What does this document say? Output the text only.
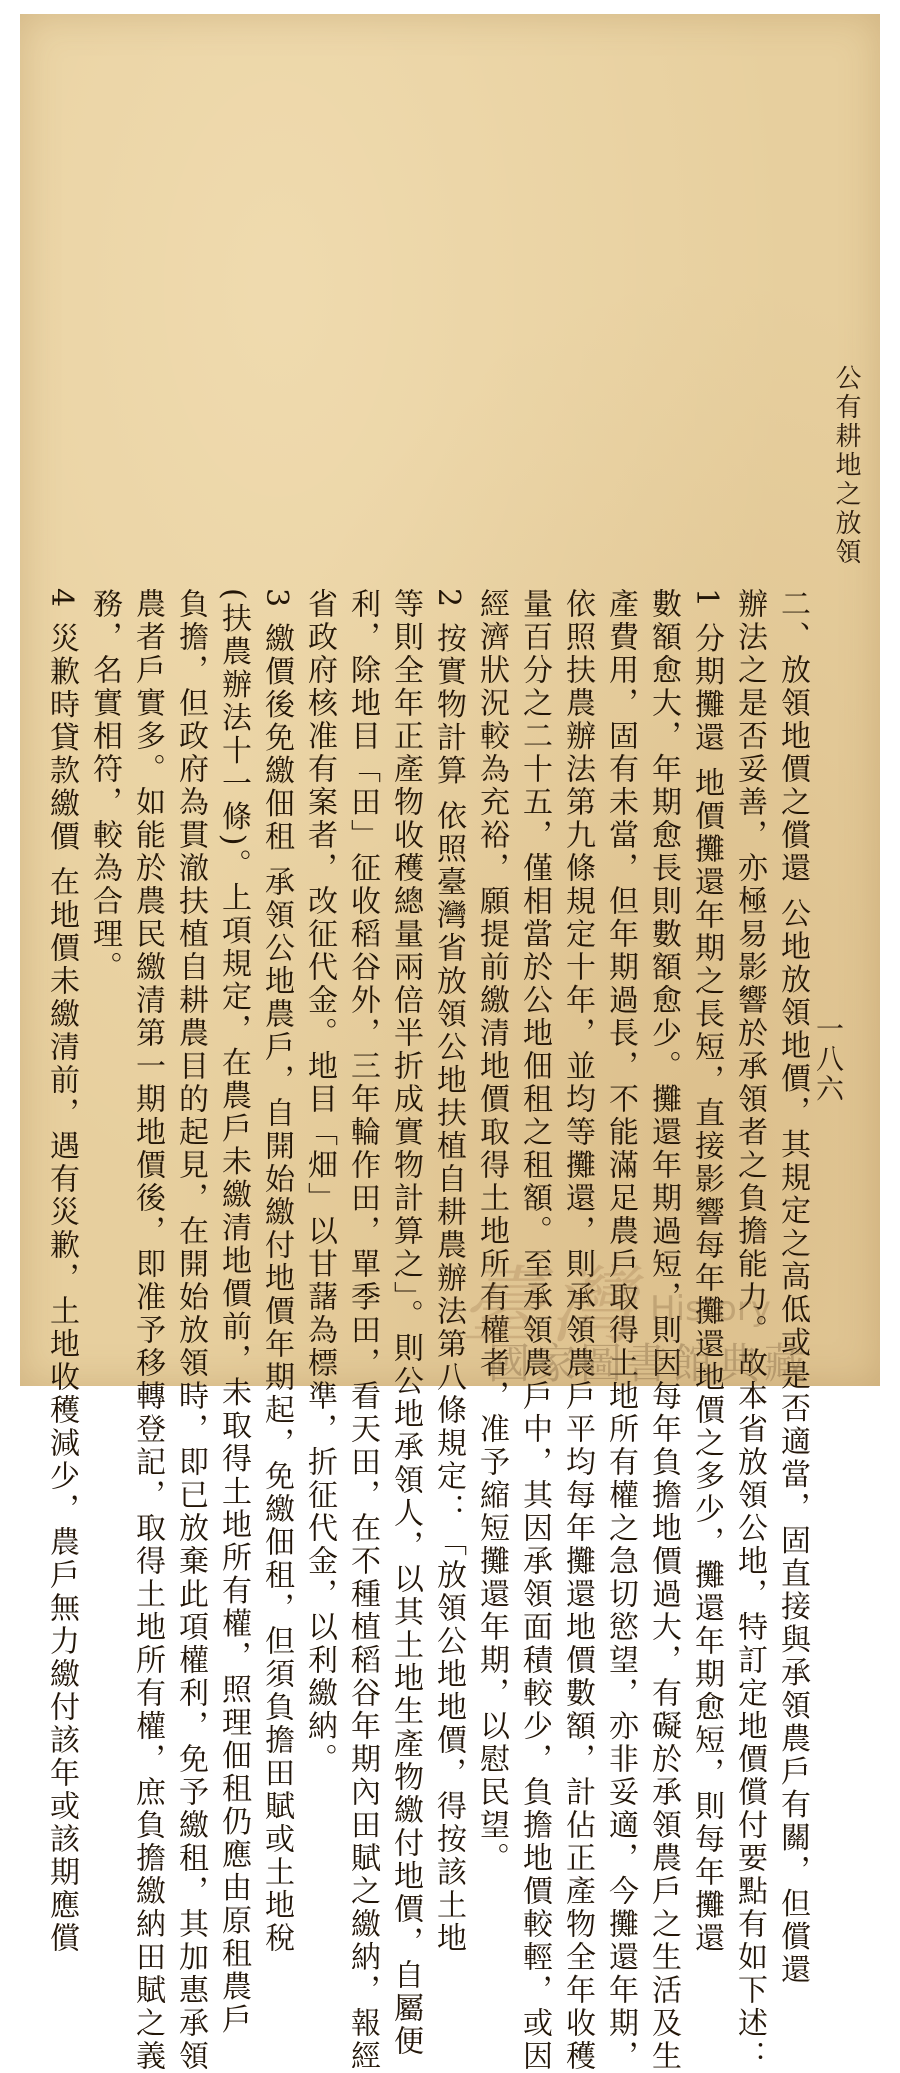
公有耕地之放領
一八六
二、放領地價之償還 公地放領地價，其規定之高低或是否適當，固直接與承領農戶有關，但償還
辦法之是否妥善，亦極易影響於承領者之負擔能力。故本省放領公地，特訂定地價償付要點有如下述：
1 分期攤還 地價攤還年期之長短，直接影響每年攤還地價之多少，攤還年期愈短，則每年攤還
數額愈大，年期愈長則數額愈少。攤還年期過短，則因每年負擔地價過大，有礙於承領農戶之生活及生
產費用，固有未當，但年期過長，不能滿足農戶取得土地所有權之急切慾望，亦非妥適，今攤還年期，
依照扶農辦法第九條規定十年，並均等攤還，則承領農戶平均每年攤還地價數額，計佔正產物全年收穫
量百分之二十五，僅相當於公地佃租之租額。至承領農戶中，其因承領面積較少，負擔地價較輕，或因
經濟狀況較為充裕，願提前繳清地價取得土地所有權者，准予縮短攤還年期，以慰民望。
2 按實物計算 依照臺灣省放領公地扶植自耕農辦法第八條規定：「放領公地地價，得按該土地
等則全年正產物收穫總量兩倍半折成實物計算之」。則公地承領人，以其土地生產物繳付地價，自屬便
利，除地目「田」征收稻谷外，三年輪作田，單季田，看天田，在不種植稻谷年期內田賦之繳納，報經
省政府核准有案者，改征代金。地目「畑」以甘藷為標準，折征代金，以利繳納。
3 繳價後免繳佃租 承領公地農戶，自開始繳付地價年期起，免繳佃租，但須負擔田賦或土地稅
(扶農辦法十一條)。上項規定，在農戶未繳清地價前，未取得土地所有權，照理佃租仍應由原租農戶
負擔，但政府為貫澈扶植自耕農目的起見，在開始放領時，即已放棄此項權利，免予繳租，其加惠承領
農者戶實多。如能於農民繳清第一期地價後，即准予移轉登記，取得土地所有權，庶負擔繳納田賦之義
務，名實相符，較為合理。
4 災歉時貸款繳價 在地價未繳清前，遇有災歉，土地收穫減少，農戶無力繳付該年或該期應償	臺灣 History
國家圖書館典藏
